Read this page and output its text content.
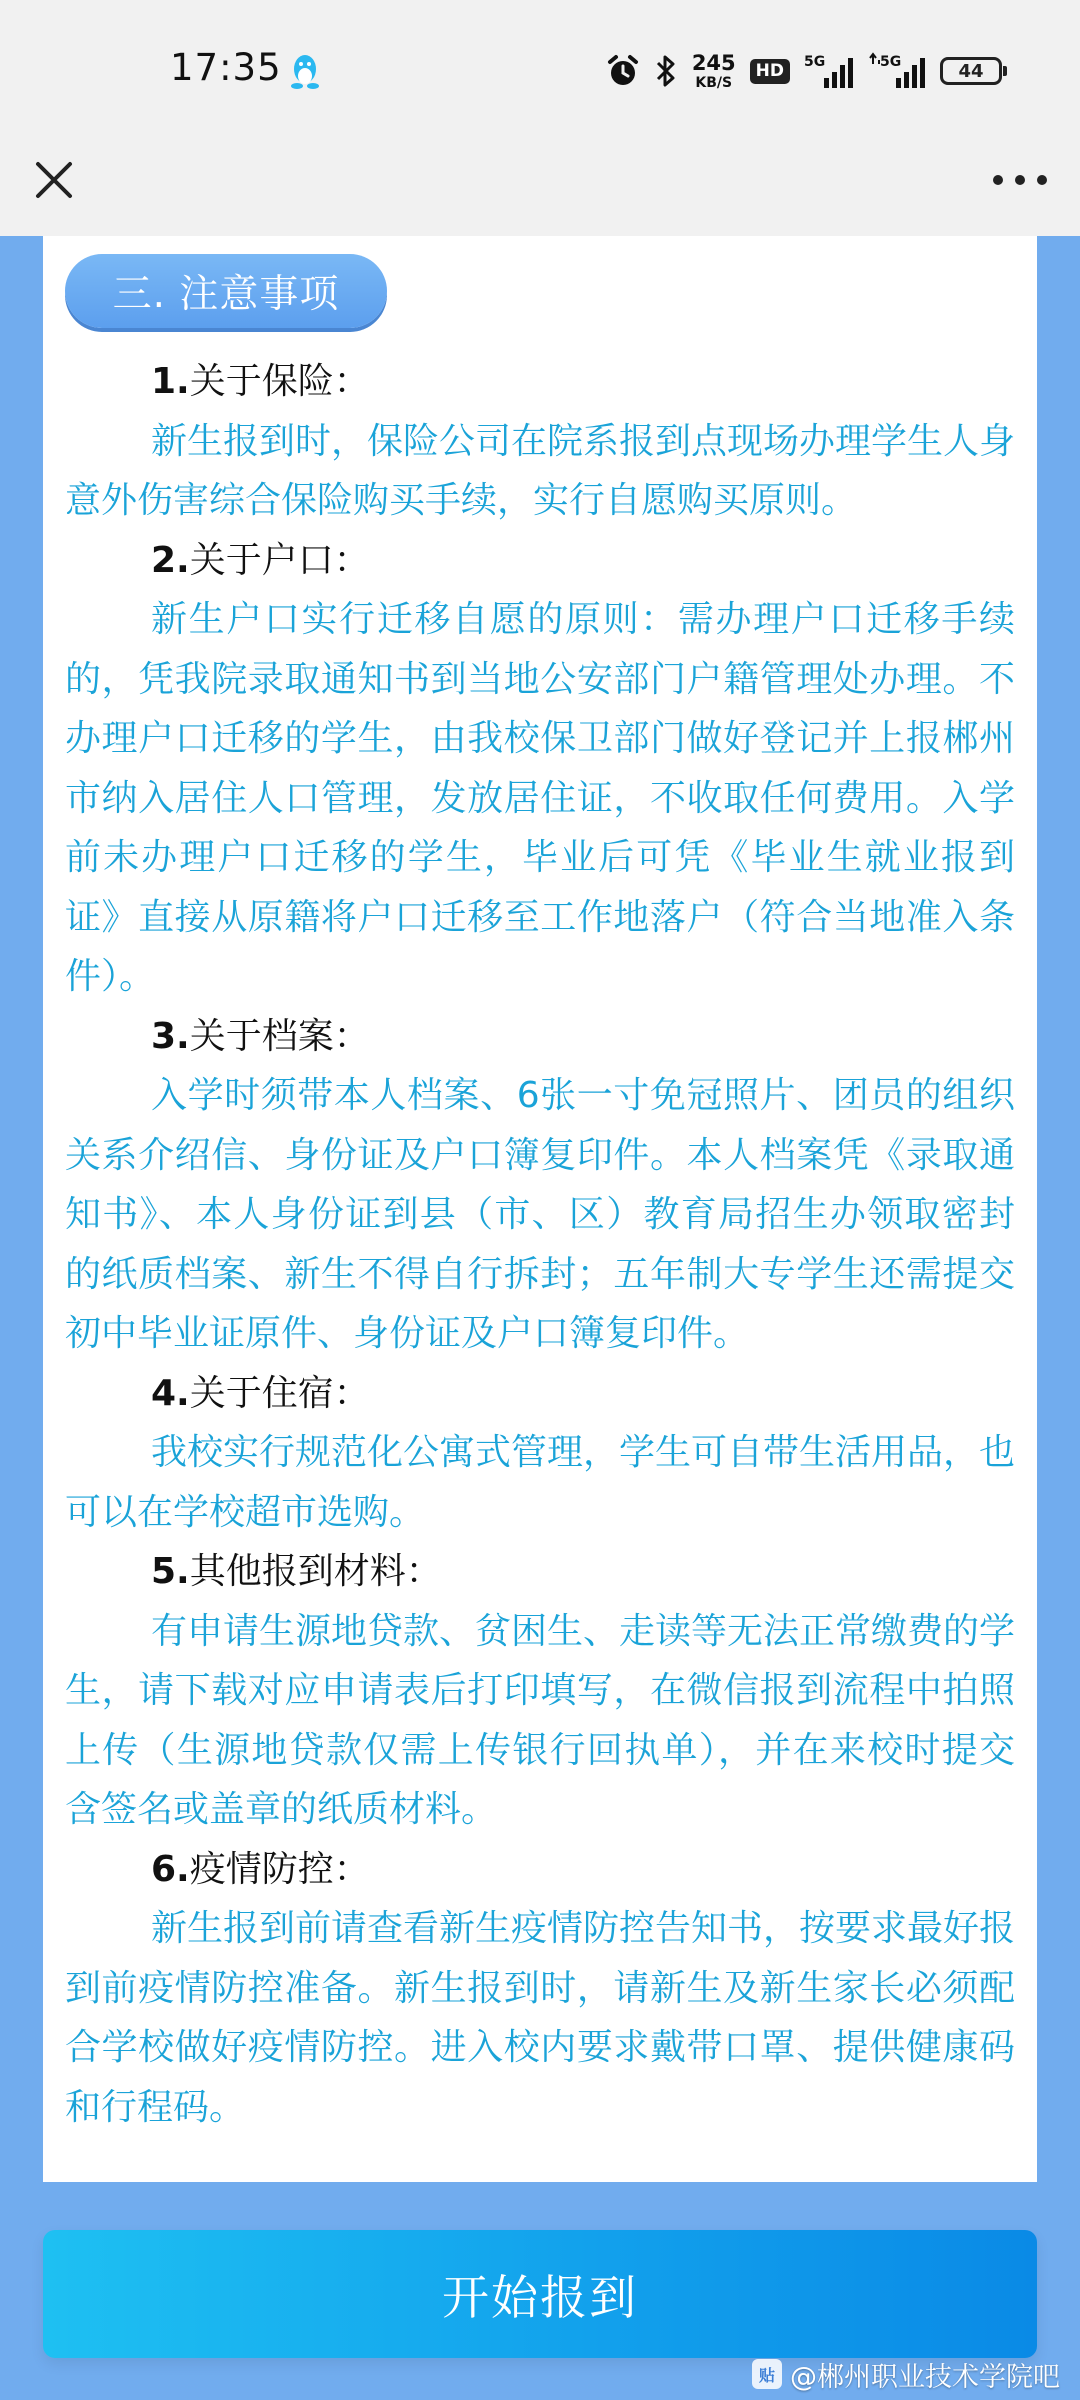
17:35	245
KB/S
HD	5G	5G	44
三. 注意事项
1.关于保险：
新生报到时，保险公司在院系报到点现场办理学生人身意外伤害综合保险购买手续，实行自愿购买原则。
2.关于户口：
新生户口实行迁移自愿的原则：需办理户口迁移手续的，凭我院录取通知书到当地公安部门户籍管理处办理。不办理户口迁移的学生，由我校保卫部门做好登记并上报郴州市纳入居住人口管理，发放居住证，不收取任何费用。入学前未办理户口迁移的学生，毕业后可凭《毕业生就业报到证》直接从原籍将户口迁移至工作地落户（符合当地准入条件）。
3.关于档案：
入学时须带本人档案、6张一寸免冠照片、团员的组织关系介绍信、身份证及户口簿复印件。本人档案凭《录取通知书》、本人身份证到县（市、区）教育局招生办领取密封的纸质档案、新生不得自行拆封；五年制大专学生还需提交初中毕业证原件、身份证及户口簿复印件。
4.关于住宿：
我校实行规范化公寓式管理，学生可自带生活用品，也可以在学校超市选购。
5.其他报到材料：
有申请生源地贷款、贫困生、走读等无法正常缴费的学生，请下载对应申请表后打印填写，在微信报到流程中拍照上传（生源地贷款仅需上传银行回执单），并在来校时提交含签名或盖章的纸质材料。
6.疫情防控：
新生报到前请查看新生疫情防控告知书，按要求最好报到前疫情防控准备。新生报到时，请新生及新生家长必须配合学校做好疫情防控。进入校内要求戴带口罩、提供健康码和行程码。
开始报到
贴 @郴州职业技术学院吧
